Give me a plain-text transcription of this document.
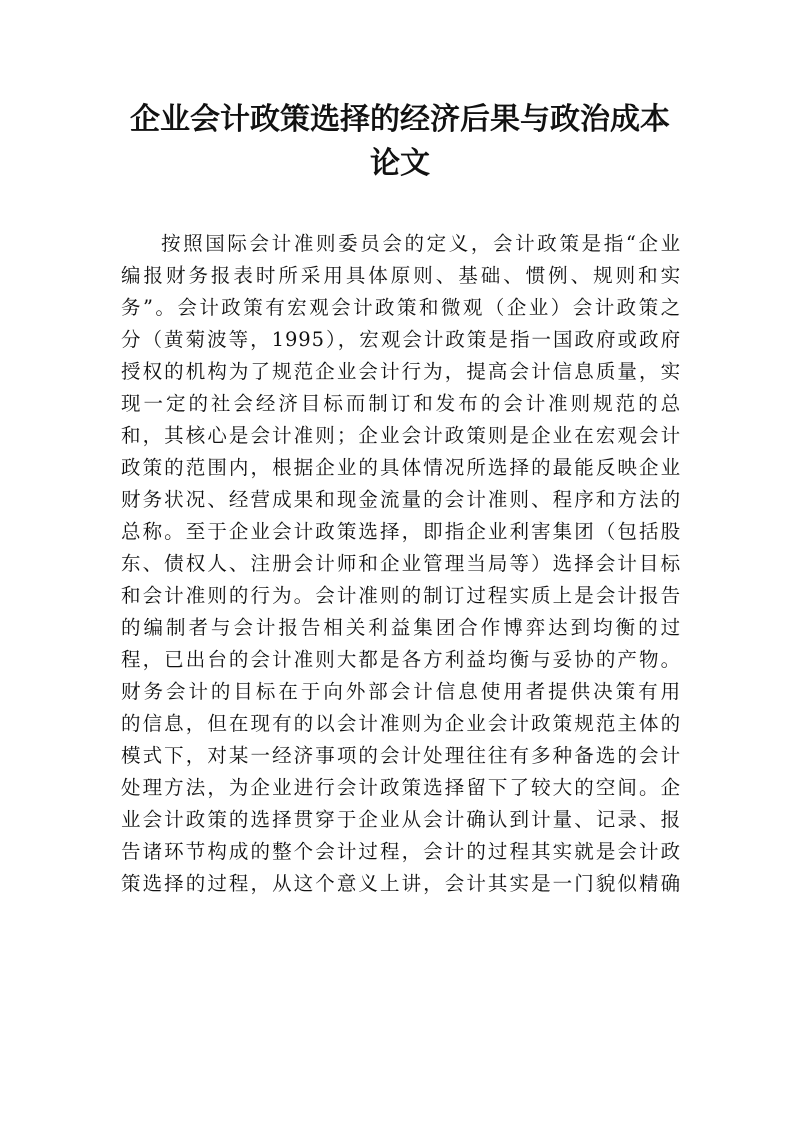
企业会计政策选择的经济后果与政治成本
论文
按照国际会计准则委员会的定义，会计政策是指“企业
编报财务报表时所采用具体原则、基础、惯例、规则和实
务”。会计政策有宏观会计政策和微观（企业）会计政策之
分（黄菊波等，1995），宏观会计政策是指一国政府或政府
授权的机构为了规范企业会计行为，提高会计信息质量，实
现一定的社会经济目标而制订和发布的会计准则规范的总
和，其核心是会计准则；企业会计政策则是企业在宏观会计
政策的范围内，根据企业的具体情况所选择的最能反映企业
财务状况、经营成果和现金流量的会计准则、程序和方法的
总称。至于企业会计政策选择，即指企业利害集团（包括股
东、债权人、注册会计师和企业管理当局等）选择会计目标
和会计准则的行为。会计准则的制订过程实质上是会计报告
的编制者与会计报告相关利益集团合作博弈达到均衡的过
程，已出台的会计准则大都是各方利益均衡与妥协的产物。
财务会计的目标在于向外部会计信息使用者提供决策有用
的信息，但在现有的以会计准则为企业会计政策规范主体的
模式下，对某一经济事项的会计处理往往有多种备选的会计
处理方法，为企业进行会计政策选择留下了较大的空间。企
业会计政策的选择贯穿于企业从会计确认到计量、记录、报
告诸环节构成的整个会计过程，会计的过程其实就是会计政
策选择的过程，从这个意义上讲，会计其实是一门貌似精确
